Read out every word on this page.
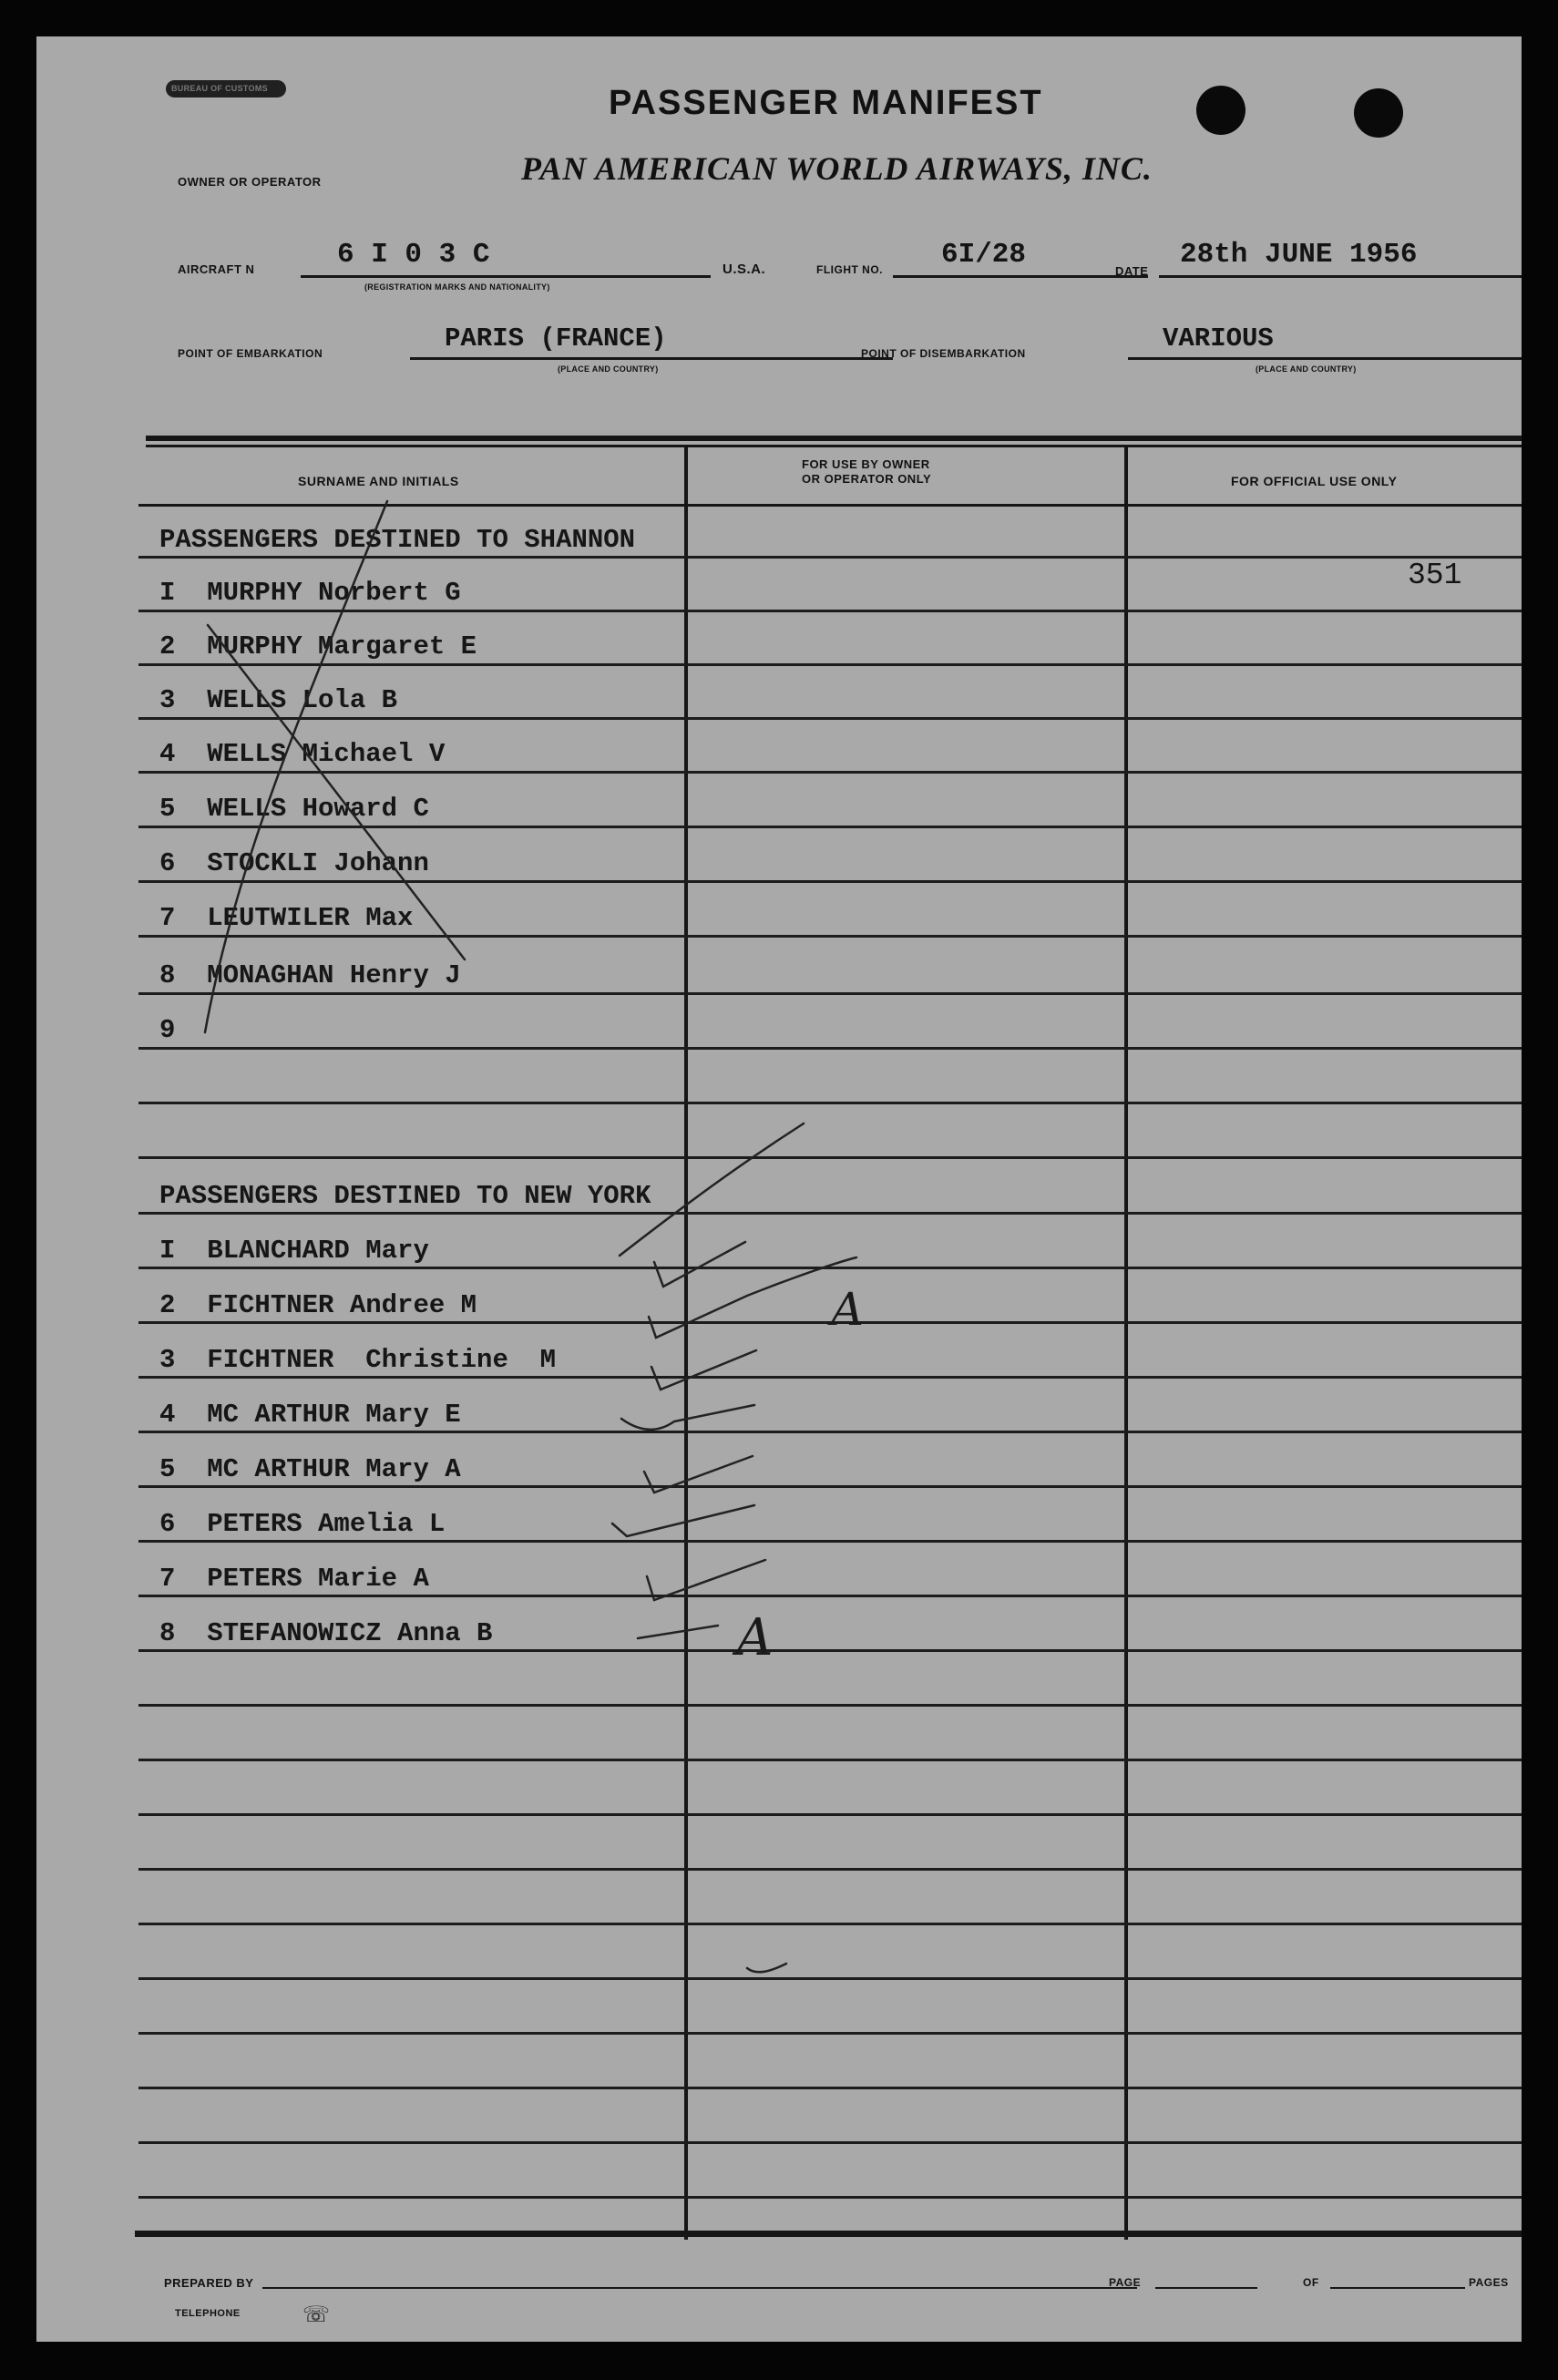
BUREAU OF CUSTOMS	PASSENGER MANIFEST
OWNER OR OPERATOR	PAN AMERICAN WORLD AIRWAYS, INC.
AIRCRAFT N	6 I 0 3 C
(REGISTRATION MARKS AND NATIONALITY)
U.S.A.	FLIGHT NO. 6I/28
DATE
28th JUNE 1956
POINT OF EMBARKATION	PARIS (FRANCE)
(PLACE AND COUNTRY)
POINT OF DISEMBARKATION	VARIOUS
(PLACE AND COUNTRY)
SURNAME AND INITIALS
FOR USE BY OWNER
OR OPERATOR ONLY	FOR OFFICIAL USE ONLY
351
PASSENGERS DESTINED TO SHANNON
I  MURPHY Norbert G
2  MURPHY Margaret E
3  WELLS Lola B
4  WELLS Michael V
5  WELLS Howard C
6  STOCKLI Johann
7  LEUTWILER Max
8  MONAGHAN Henry J
9
PASSENGERS DESTINED TO NEW YORK
I  BLANCHARD Mary
2  FICHTNER Andree M
3  FICHTNER  Christine  M
4  MC ARTHUR Mary E
5  MC ARTHUR Mary A
6  PETERS Amelia L
7  PETERS Marie A
8  STEFANOWICZ Anna B
A
A
PREPARED BY
TELEPHONE	☏
PAGE	OF	PAGES
